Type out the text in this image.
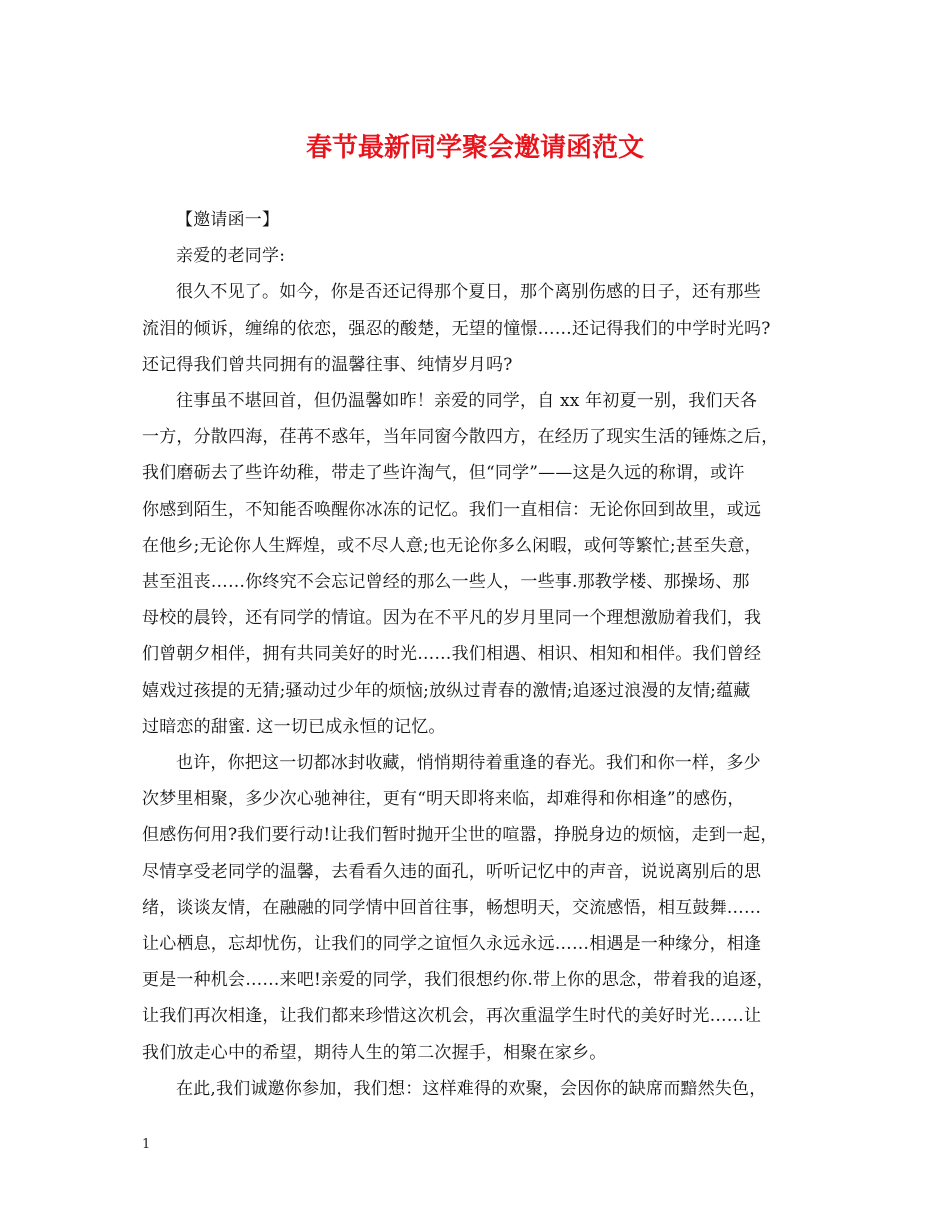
春节最新同学聚会邀请函范文
【邀请函一】
亲爱的老同学:
很久不见了。如今，你是否还记得那个夏日，那个离别伤感的日子，还有那些
流泪的倾诉，缠绵的依恋，强忍的酸楚，无望的憧憬……还记得我们的中学时光吗?
还记得我们曾共同拥有的温馨往事、纯情岁月吗?
往事虽不堪回首，但仍温馨如昨！亲爱的同学，自 xx 年初夏一别，我们天各
一方，分散四海，荏苒不惑年，当年同窗今散四方，在经历了现实生活的锤炼之后，
我们磨砺去了些许幼稚，带走了些许淘气，但“同学”——这是久远的称谓，或许
你感到陌生，不知能否唤醒你冰冻的记忆。我们一直相信：无论你回到故里，或远
在他乡;无论你人生辉煌，或不尽人意;也无论你多么闲暇，或何等繁忙;甚至失意，
甚至沮丧……你终究不会忘记曾经的那么一些人，一些事.那教学楼、那操场、那
母校的晨铃，还有同学的情谊。因为在不平凡的岁月里同一个理想激励着我们，我
们曾朝夕相伴，拥有共同美好的时光……我们相遇、相识、相知和相伴。我们曾经
嬉戏过孩提的无猜;骚动过少年的烦恼;放纵过青春的激情;追逐过浪漫的友情;蕴藏
过暗恋的甜蜜. 这一切已成永恒的记忆。
也许，你把这一切都冰封收藏，悄悄期待着重逢的春光。我们和你一样，多少
次梦里相聚，多少次心驰神往，更有“明天即将来临，却难得和你相逢”的感伤，
但感伤何用?我们要行动!让我们暂时抛开尘世的喧嚣，挣脱身边的烦恼，走到一起，
尽情享受老同学的温馨，去看看久违的面孔，听听记忆中的声音，说说离别后的思
绪，谈谈友情，在融融的同学情中回首往事，畅想明天，交流感悟，相互鼓舞……
让心栖息，忘却忧伤，让我们的同学之谊恒久永远永远……相遇是一种缘分，相逢
更是一种机会……来吧!亲爱的同学，我们很想约你.带上你的思念，带着我的追逐，
让我们再次相逢，让我们都来珍惜这次机会，再次重温学生时代的美好时光……让
我们放走心中的希望，期待人生的第二次握手，相聚在家乡。
在此,我们诚邀你参加，我们想：这样难得的欢聚，会因你的缺席而黯然失色，
1
